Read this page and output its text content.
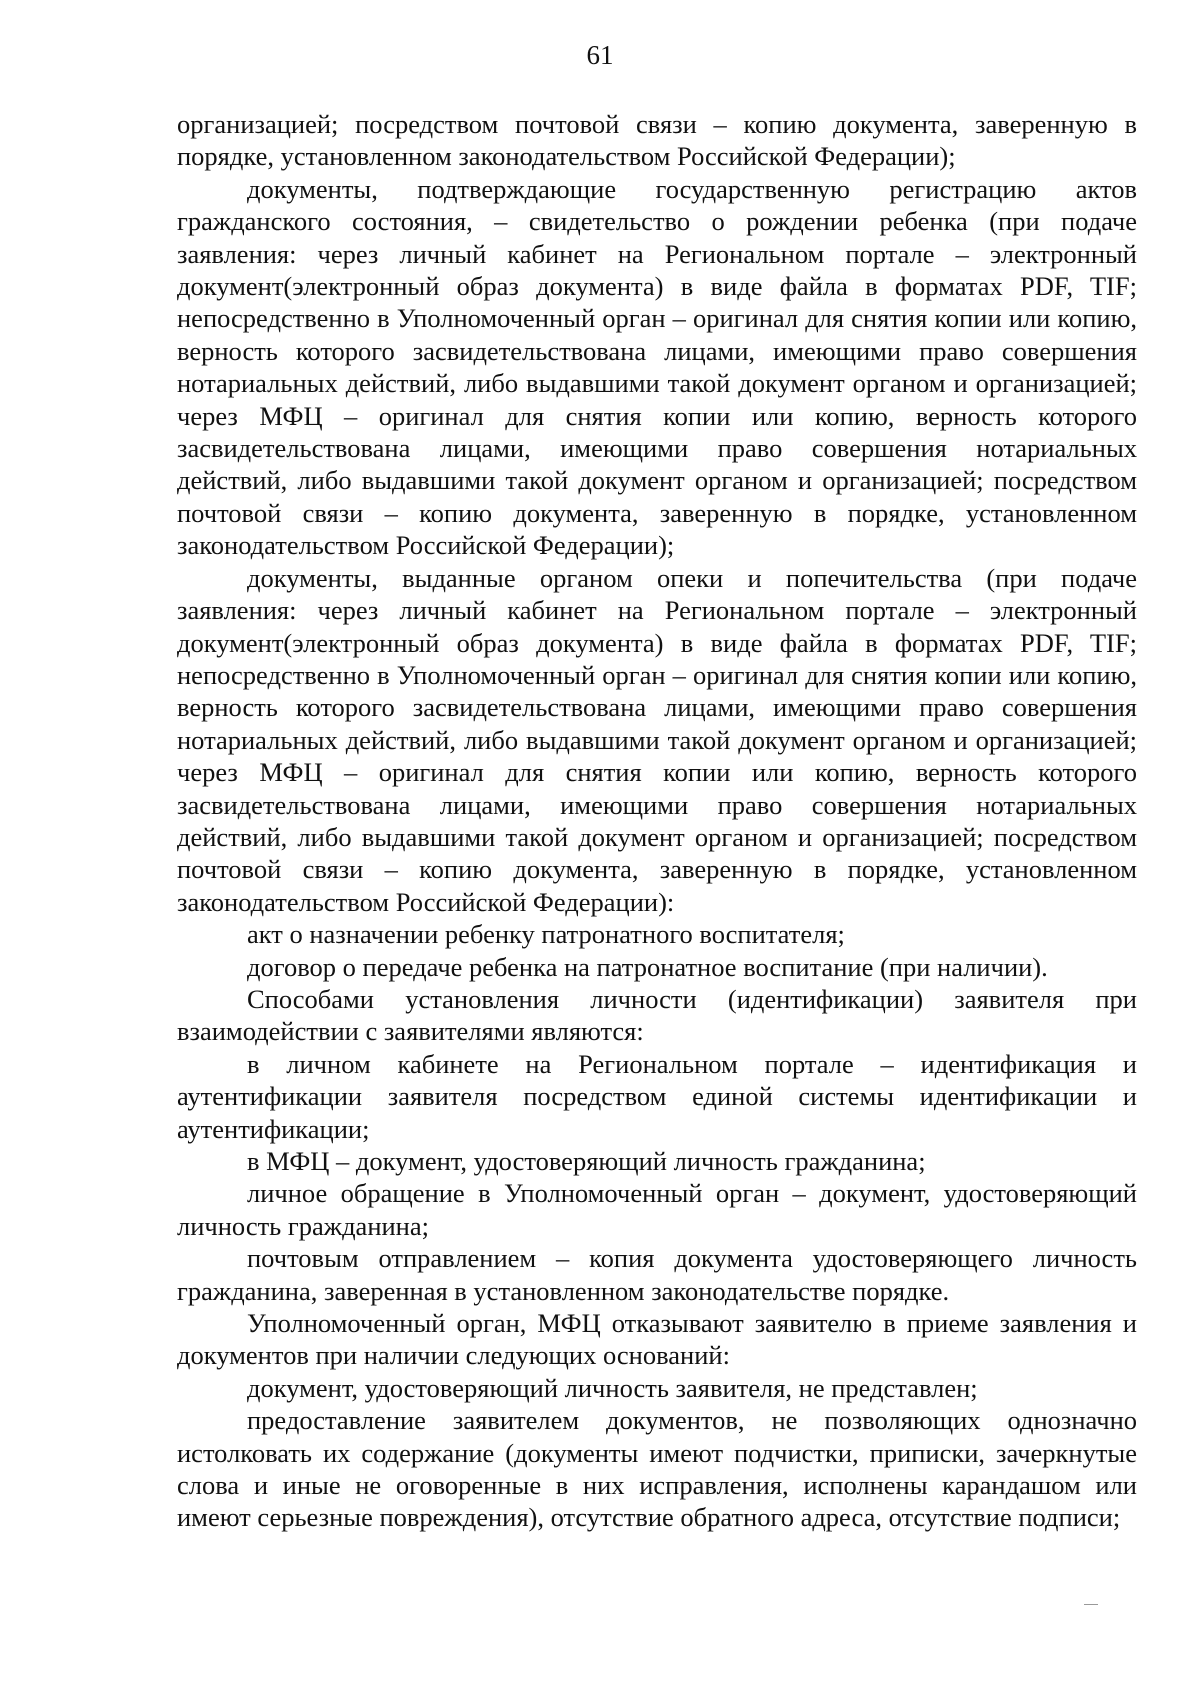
61

организацией; посредством почтовой связи – копию документа, заверенную в порядке, установленном законодательством Российской Федерации);

документы, подтверждающие государственную регистрацию актов гражданского состояния, – свидетельство о рождении ребенка (при подаче заявления: через личный кабинет на Региональном портале – электронный документ(электронный образ документа) в виде файла в форматах PDF, TIF; непосредственно в Уполномоченный орган – оригинал для снятия копии или копию, верность которого засвидетельствована лицами, имеющими право совершения нотариальных действий, либо выдавшими такой документ органом и организацией; через МФЦ – оригинал для снятия копии или копию, верность которого засвидетельствована лицами, имеющими право совершения нотариальных действий, либо выдавшими такой документ органом и организацией; посредством почтовой связи – копию документа, заверенную в порядке, установленном законодательством Российской Федерации);

документы, выданные органом опеки и попечительства (при подаче заявления: через личный кабинет на Региональном портале – электронный документ(электронный образ документа) в виде файла в форматах PDF, TIF; непосредственно в Уполномоченный орган – оригинал для снятия копии или копию, верность которого засвидетельствована лицами, имеющими право совершения нотариальных действий, либо выдавшими такой документ органом и организацией; через МФЦ – оригинал для снятия копии или копию, верность которого засвидетельствована лицами, имеющими право совершения нотариальных действий, либо выдавшими такой документ органом и организацией; посредством почтовой связи – копию документа, заверенную в порядке, установленном законодательством Российской Федерации):

акт о назначении ребенку патронатного воспитателя;

договор о передаче ребенка на патронатное воспитание (при наличии).

Способами установления личности (идентификации) заявителя при взаимодействии с заявителями являются:

в личном кабинете на Региональном портале – идентификация и аутентификации заявителя посредством единой системы идентификации и аутентификации;

в МФЦ – документ, удостоверяющий личность гражданина;

личное обращение в Уполномоченный орган – документ, удостоверяющий личность гражданина;

почтовым отправлением – копия документа удостоверяющего личность гражданина, заверенная в установленном законодательстве порядке.

Уполномоченный орган, МФЦ отказывают заявителю в приеме заявления и документов при наличии следующих оснований:

документ, удостоверяющий личность заявителя, не представлен;

предоставление заявителем документов, не позволяющих однозначно истолковать их содержание (документы имеют подчистки, приписки, зачеркнутые слова и иные не оговоренные в них исправления, исполнены карандашом или имеют серьезные повреждения), отсутствие обратного адреса, отсутствие подписи;
